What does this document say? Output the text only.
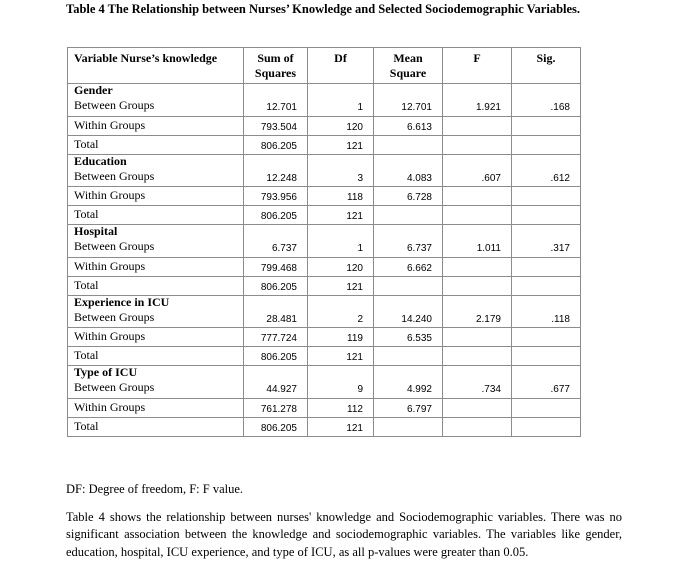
Table 4 The Relationship between Nurses’ Knowledge and Selected Sociodemographic Variables.
Variable Nurse’s knowledge	Sum of Squares	Df	Mean Square	F	Sig.
Gender					
Between Groups	12.701	1	12.701	1.921	.168
Within Groups	793.504	120	6.613		
Total	806.205	121			
Education					
Between Groups	12.248	3	4.083	.607	.612
Within Groups	793.956	118	6.728		
Total	806.205	121			
Hospital					
Between Groups	6.737	1	6.737	1.011	.317
Within Groups	799.468	120	6.662		
Total	806.205	121			
Experience in ICU					
Between Groups	28.481	2	14.240	2.179	.118
Within Groups	777.724	119	6.535		
Total	806.205	121			
Type of ICU					
Between Groups	44.927	9	4.992	.734	.677
Within Groups	761.278	112	6.797		
Total	806.205	121			

DF: Degree of freedom, F: F value.

Table 4 shows the relationship between nurses' knowledge and Sociodemographic variables. There was no significant association between the knowledge and sociodemographic variables. The variables like gender, education, hospital, ICU experience, and type of ICU, as all p-values were greater than 0.05.
